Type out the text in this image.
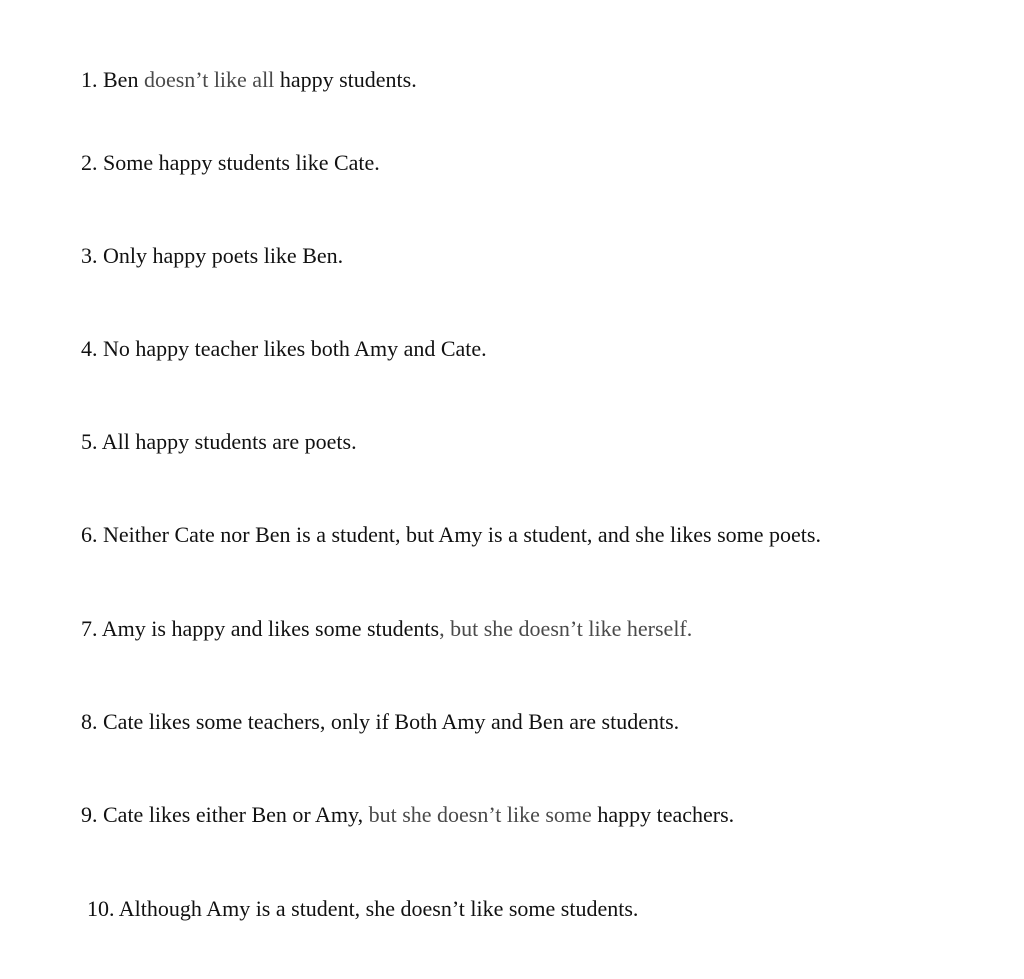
1. Ben doesn’t like all happy students.
2. Some happy students like Cate.
3. Only happy poets like Ben.
4. No happy teacher likes both Amy and Cate.
5. All happy students are poets.
6. Neither Cate nor Ben is a student, but Amy is a student, and she likes some poets.
7. Amy is happy and likes some students, but she doesn’t like herself.
8. Cate likes some teachers, only if Both Amy and Ben are students.
9. Cate likes either Ben or Amy, but she doesn’t like some happy teachers.
10. Although Amy is a student, she doesn’t like some students.
